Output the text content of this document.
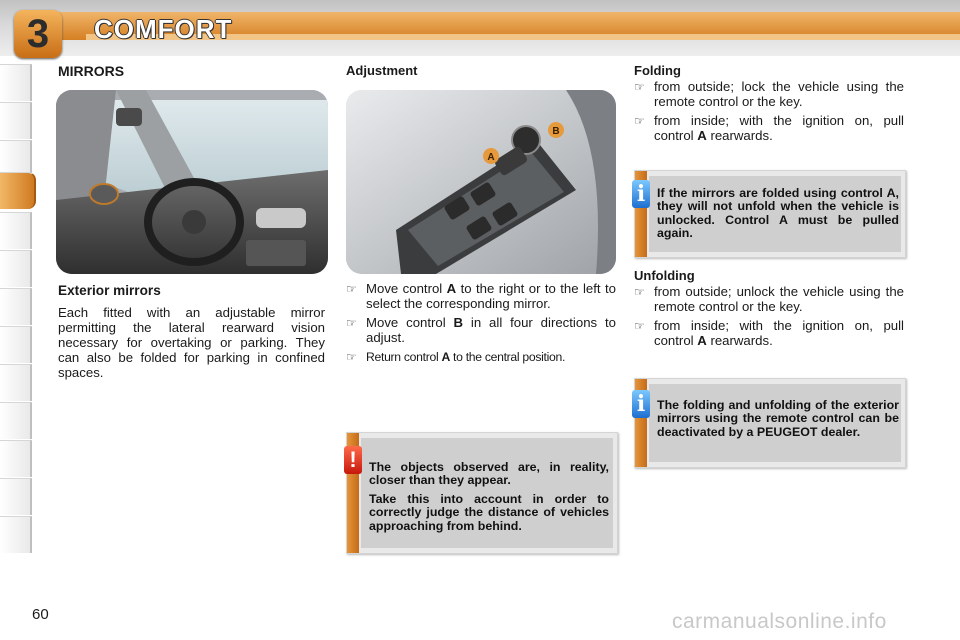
3	COMFORT
MIRRORS
Exterior mirrors
Each fitted with an adjustable mirror permitting the lateral rearward vision necessary for overtaking or parking. They can also be folded for parking in confined spaces.
Adjustment
A
B
☞ Move control A to the right or to the left to select the corresponding mirror.
☞ Move control B in all four directions to adjust.
☞ Return control A to the central position.

The objects observed are, in reality, closer than they appear.

Take this into account in order to correctly judge the distance of vehicles approaching from behind.

!
Folding
☞ from outside; lock the vehicle using the remote control or the key.
☞ from inside; with the ignition on, pull control A rearwards.
If the mirrors are folded using control A, they will not unfold when the vehicle is unlocked. Control A must be pulled again.
i
Unfolding
☞ from outside; unlock the vehicle using the remote control or the key.
☞ from inside; with the ignition on, pull control A rearwards.
The folding and unfolding of the exterior mirrors using the remote control can be deactivated by a PEUGEOT dealer.
i
60	carmanualsonline.info
